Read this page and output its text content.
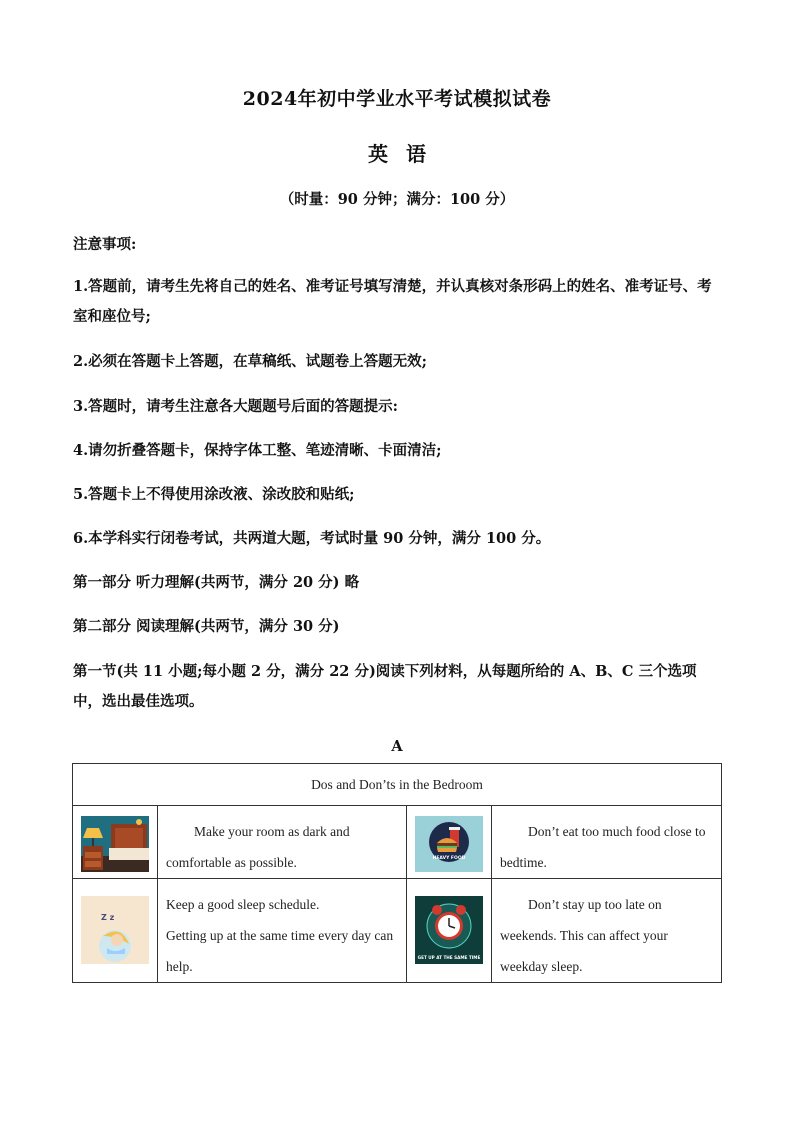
2024年初中学业水平考试模拟试卷
英语
（时量：90 分钟；满分：100 分）
注意事项:
1.答题前，请考生先将自己的姓名、准考证号填写清楚，并认真核对条形码上的姓名、准考证号、考室和座位号;
2.必须在答题卡上答题，在草稿纸、试题卷上答题无效;
3.答题时，请考生注意各大题题号后面的答题提示:
4.请勿折叠答题卡，保持字体工整、笔迹清晰、卡面清洁;
5.答题卡上不得使用涂改液、涂改胶和贴纸;
6.本学科实行闭卷考试，共两道大题，考试时量 90 分钟，满分 100 分。
第一部分 听力理解(共两节，满分 20 分) 略
第二部分 阅读理解(共两节，满分 30 分)
第一节(共 11 小题;每小题 2 分，满分 22 分)阅读下列材料，从每题所给的 A、B、C 三个选项中，选出最佳选项。
A
Dos and Don’ts in the Bedroom			

Make your room as dark and comfortable as possible.	HEAVY FOOD	Don’t eat too much food close to bedtime.

Z z	Keep a good sleep schedule.
Getting up at the same time every day can help.	GET UP AT THE SAME TIME	Don’t stay up too late on weekends. This can affect your weekday sleep.
